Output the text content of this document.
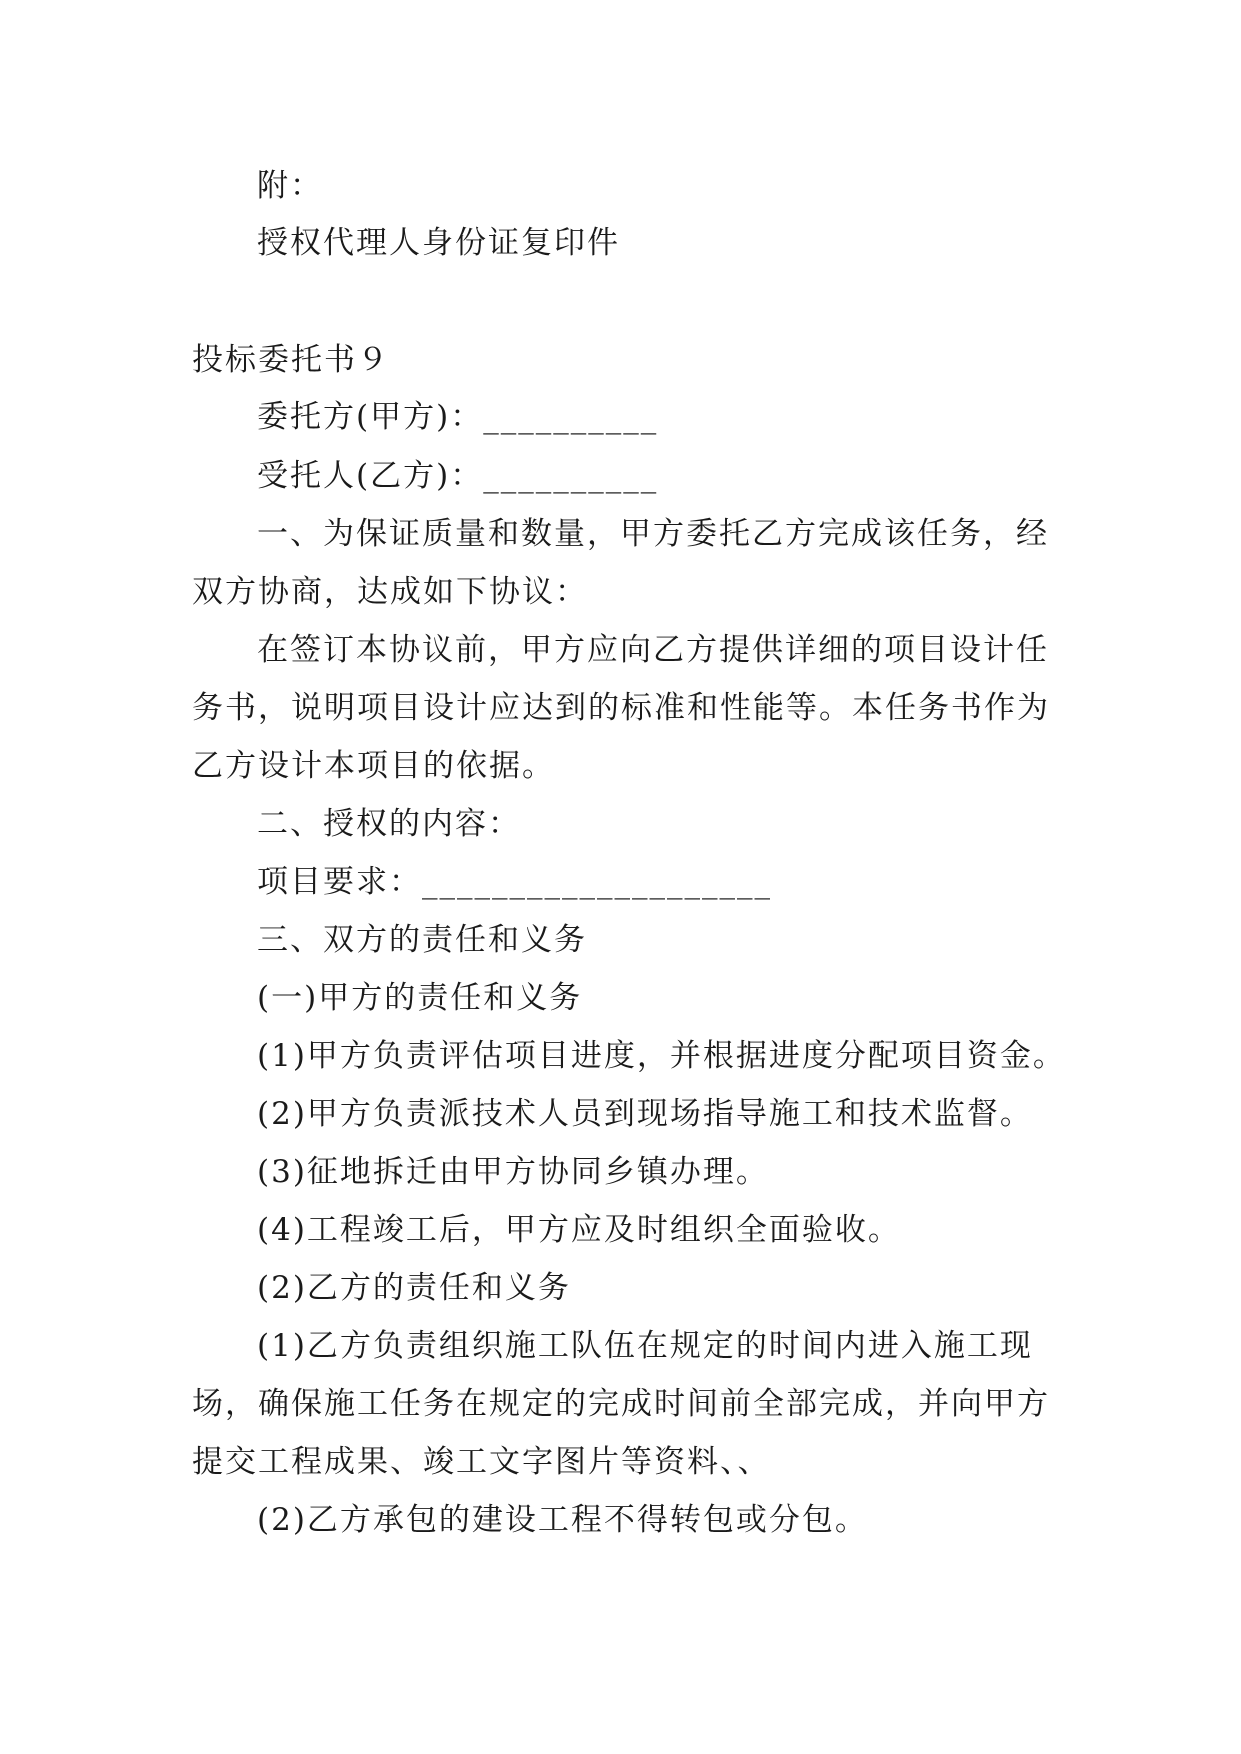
附：
授权代理人身份证复印件
投标委托书９
委托方(甲方)：__________
受托人(乙方)：__________
一、为保证质量和数量，甲方委托乙方完成该任务，经
双方协商，达成如下协议：
在签订本协议前，甲方应向乙方提供详细的项目设计任
务书，说明项目设计应达到的标准和性能等。本任务书作为
乙方设计本项目的依据。
二、授权的内容：
项目要求：____________________
三、双方的责任和义务
(一)甲方的责任和义务
(1)甲方负责评估项目进度，并根据进度分配项目资金。
(2)甲方负责派技术人员到现场指导施工和技术监督。
(3)征地拆迁由甲方协同乡镇办理。
(4)工程竣工后，甲方应及时组织全面验收。
(2)乙方的责任和义务
(1)乙方负责组织施工队伍在规定的时间内进入施工现
场，确保施工任务在规定的完成时间前全部完成，并向甲方
提交工程成果、竣工文字图片等资料、、
(2)乙方承包的建设工程不得转包或分包。
